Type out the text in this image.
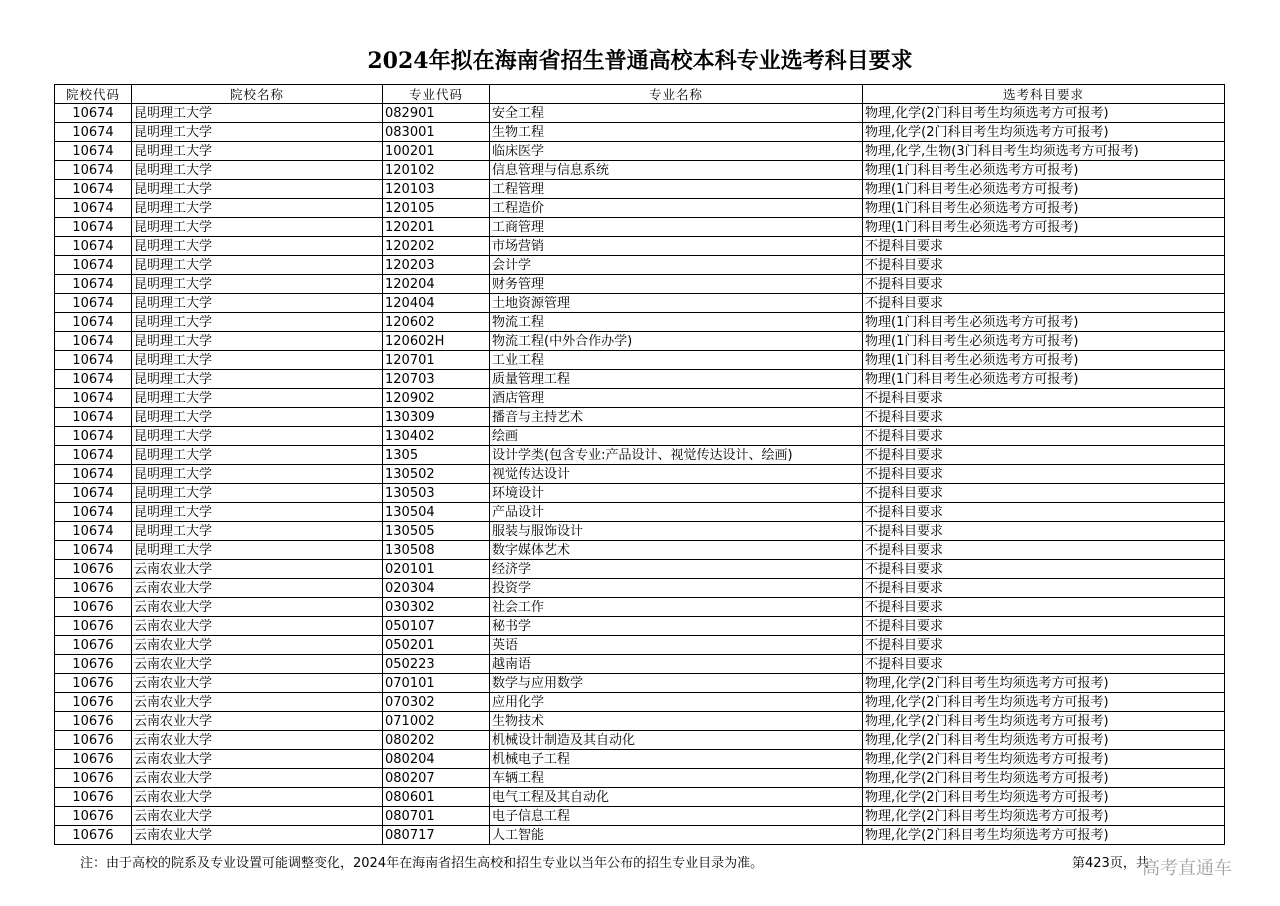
2024年拟在海南省招生普通高校本科专业选考科目要求
院校代码	院校名称	专业代码	专业名称	选考科目要求
10674	昆明理工大学	082901	安全工程	物理,化学(2门科目考生均须选考方可报考)
10674	昆明理工大学	083001	生物工程	物理,化学(2门科目考生均须选考方可报考)
10674	昆明理工大学	100201	临床医学	物理,化学,生物(3门科目考生均须选考方可报考)
10674	昆明理工大学	120102	信息管理与信息系统	物理(1门科目考生必须选考方可报考)
10674	昆明理工大学	120103	工程管理	物理(1门科目考生必须选考方可报考)
10674	昆明理工大学	120105	工程造价	物理(1门科目考生必须选考方可报考)
10674	昆明理工大学	120201	工商管理	物理(1门科目考生必须选考方可报考)
10674	昆明理工大学	120202	市场营销	不提科目要求
10674	昆明理工大学	120203	会计学	不提科目要求
10674	昆明理工大学	120204	财务管理	不提科目要求
10674	昆明理工大学	120404	土地资源管理	不提科目要求
10674	昆明理工大学	120602	物流工程	物理(1门科目考生必须选考方可报考)
10674	昆明理工大学	120602H	物流工程(中外合作办学)	物理(1门科目考生必须选考方可报考)
10674	昆明理工大学	120701	工业工程	物理(1门科目考生必须选考方可报考)
10674	昆明理工大学	120703	质量管理工程	物理(1门科目考生必须选考方可报考)
10674	昆明理工大学	120902	酒店管理	不提科目要求
10674	昆明理工大学	130309	播音与主持艺术	不提科目要求
10674	昆明理工大学	130402	绘画	不提科目要求
10674	昆明理工大学	1305	设计学类(包含专业:产品设计、视觉传达设计、绘画)	不提科目要求
10674	昆明理工大学	130502	视觉传达设计	不提科目要求
10674	昆明理工大学	130503	环境设计	不提科目要求
10674	昆明理工大学	130504	产品设计	不提科目要求
10674	昆明理工大学	130505	服装与服饰设计	不提科目要求
10674	昆明理工大学	130508	数字媒体艺术	不提科目要求
10676	云南农业大学	020101	经济学	不提科目要求
10676	云南农业大学	020304	投资学	不提科目要求
10676	云南农业大学	030302	社会工作	不提科目要求
10676	云南农业大学	050107	秘书学	不提科目要求
10676	云南农业大学	050201	英语	不提科目要求
10676	云南农业大学	050223	越南语	不提科目要求
10676	云南农业大学	070101	数学与应用数学	物理,化学(2门科目考生均须选考方可报考)
10676	云南农业大学	070302	应用化学	物理,化学(2门科目考生均须选考方可报考)
10676	云南农业大学	071002	生物技术	物理,化学(2门科目考生均须选考方可报考)
10676	云南农业大学	080202	机械设计制造及其自动化	物理,化学(2门科目考生均须选考方可报考)
10676	云南农业大学	080204	机械电子工程	物理,化学(2门科目考生均须选考方可报考)
10676	云南农业大学	080207	车辆工程	物理,化学(2门科目考生均须选考方可报考)
10676	云南农业大学	080601	电气工程及其自动化	物理,化学(2门科目考生均须选考方可报考)
10676	云南农业大学	080701	电子信息工程	物理,化学(2门科目考生均须选考方可报考)
10676	云南农业大学	080717	人工智能	物理,化学(2门科目考生均须选考方可报考)
注：由于高校的院系及专业设置可能调整变化，2024年在海南省招生高校和招生专业以当年公布的招生专业目录为准。	第423页，共
高考直通车
